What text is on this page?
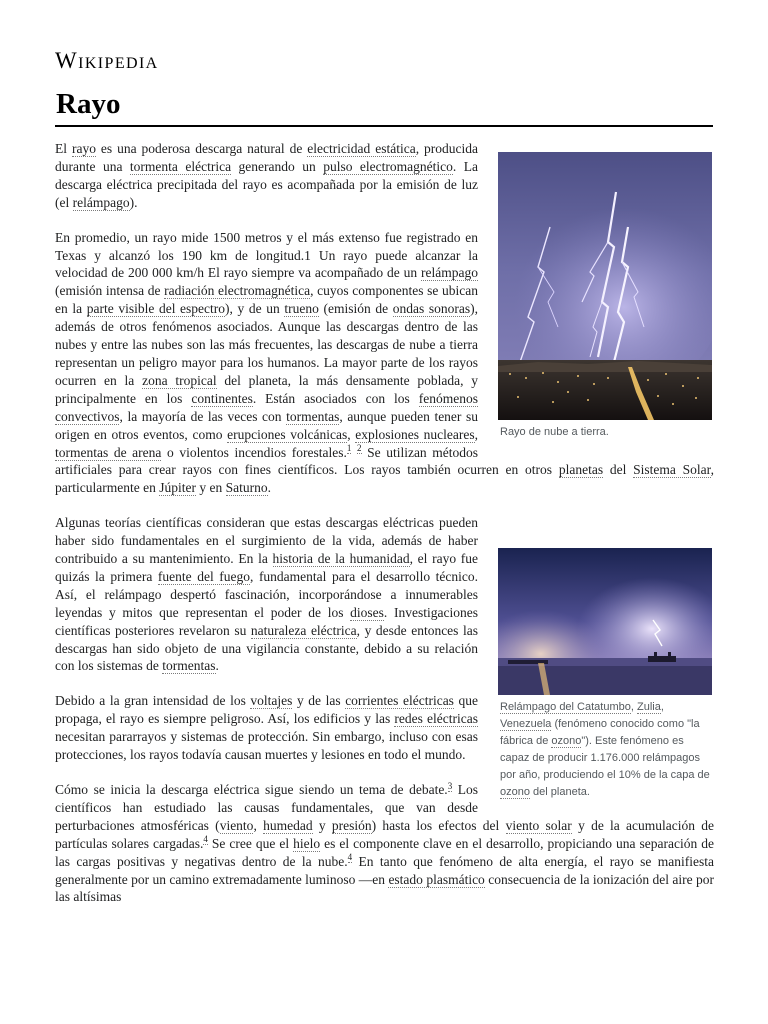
Wikipedia
Rayo
Rayo de nube a tierra.

El rayo es una poderosa descarga natural de electricidad estática, producida durante una tormenta eléctrica generando un pulso electromagnético. La descarga eléctrica precipitada del rayo es acompañada por la emisión de luz (el relámpago).

En promedio, un rayo mide 1500 metros y el más extenso fue registrado en Texas y alcanzó los 190 km de longitud.1 Un rayo puede alcanzar la velocidad de 200 000 km/h El rayo siempre va acompañado de un relámpago (emisión intensa de radiación electromagnética, cuyos componentes se ubican en la parte visible del espectro), y de un trueno (emisión de ondas sonoras), además de otros fenómenos asociados. Aunque las descargas dentro de las nubes y entre las nubes son las más frecuentes, las descargas de nube a tierra representan un peligro mayor para los humanos. La mayor parte de los rayos ocurren en la zona tropical del planeta, la más densamente poblada, y principalmente en los continentes. Están asociados con los fenómenos convectivos, la mayoría de las veces con tormentas, aunque pueden tener su origen en otros eventos, como erupciones volcánicas, explosiones nucleares, tormentas de arena o violentos incendios forestales.$^1$ $^2$ Se utilizan métodos artificiales para crear rayos con fines científicos. Los rayos también ocurren en otros planetas del Sistema Solar, particularmente en Júpiter y en Saturno.

Relámpago del Catatumbo, Zulia, Venezuela (fenómeno conocido como "la fábrica de ozono"). Este fenómeno es capaz de producir 1.176.000 relámpagos por año, produciendo el 10% de la capa de ozono del planeta.

Algunas teorías científicas consideran que estas descargas eléctricas pueden haber sido fundamentales en el surgimiento de la vida, además de haber contribuido a su mantenimiento. En la historia de la humanidad, el rayo fue quizás la primera fuente del fuego, fundamental para el desarrollo técnico. Así, el relámpago despertó fascinación, incorporándose a innumerables leyendas y mitos que representan el poder de los dioses. Investigaciones científicas posteriores revelaron su naturaleza eléctrica, y desde entonces las descargas han sido objeto de una vigilancia constante, debido a su relación con los sistemas de tormentas.

Debido a la gran intensidad de los voltajes y de las corrientes eléctricas que propaga, el rayo es siempre peligroso. Así, los edificios y las redes eléctricas necesitan pararrayos y sistemas de protección. Sin embargo, incluso con esas protecciones, los rayos todavía causan muertes y lesiones en todo el mundo.

Cómo se inicia la descarga eléctrica sigue siendo un tema de debate.$^3$ Los científicos han estudiado las causas fundamentales, que van desde perturbaciones atmosféricas (viento, humedad y presión) hasta los efectos del viento solar y de la acumulación de partículas solares cargadas.$^4$ Se cree que el hielo es el componente clave en el desarrollo, propiciando una separación de las cargas positivas y negativas dentro de la nube.$^4$ En tanto que fenómeno de alta energía, el rayo se manifiesta generalmente por un camino extremadamente luminoso —en estado plasmático consecuencia de la ionización del aire por las altísimas
